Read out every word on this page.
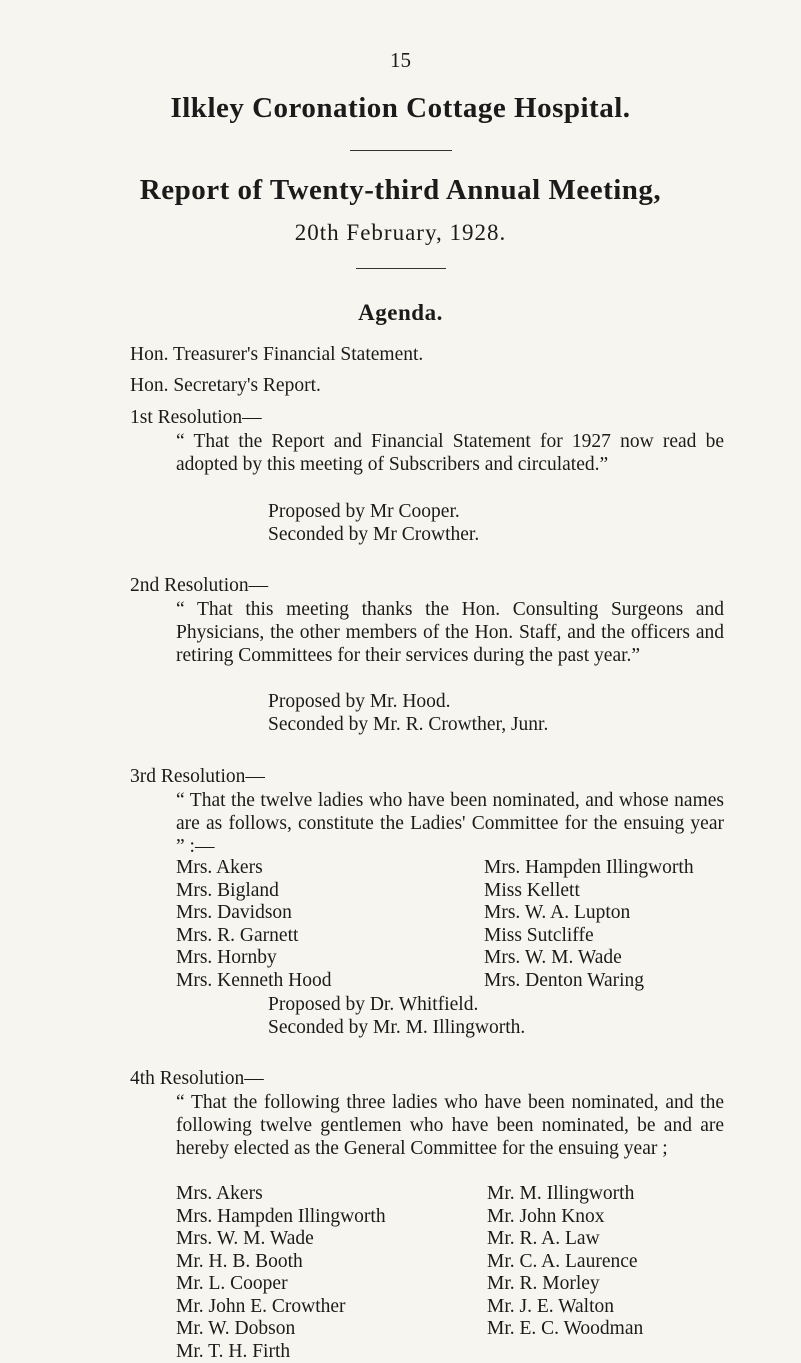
15
Ilkley Coronation Cottage Hospital.
Report of Twenty-third Annual Meeting,
20th February, 1928.
Agenda.
Hon. Treasurer's Financial Statement.
Hon. Secretary's Report.
1st Resolution—
“ That the Report and Financial Statement for 1927 now read be adopted by this meeting of Subscribers and circulated.”
Proposed by Mr Cooper.
Seconded by Mr Crowther.
2nd Resolution—
“ That this meeting thanks the Hon. Consulting Surgeons and Physicians, the other members of the Hon. Staff, and the officers and retiring Committees for their services during the past year.”
Proposed by Mr. Hood.
Seconded by Mr. R. Crowther, Junr.
3rd Resolution—
“ That the twelve ladies who have been nominated, and whose names are as follows, constitute the Ladies' Committee for the ensuing year ” :—
Mrs. Akers
Mrs. Bigland
Mrs. Davidson
Mrs. R. Garnett
Mrs. Hornby
Mrs. Kenneth Hood
Mrs. Hampden Illingworth
Miss Kellett
Mrs. W. A. Lupton
Miss Sutcliffe
Mrs. W. M. Wade
Mrs. Denton Waring
Proposed by Dr. Whitfield.
Seconded by Mr. M. Illingworth.
4th Resolution—
“ That the following three ladies who have been nominated, and the following twelve gentlemen who have been nominated, be and are hereby elected as the General Committee for the ensuing year ;
Mrs. Akers
Mrs. Hampden Illingworth
Mrs. W. M. Wade
Mr. H. B. Booth
Mr. L. Cooper
Mr. John E. Crowther
Mr. W. Dobson
Mr. T. H. Firth
Mr. M. Illingworth
Mr. John Knox
Mr. R. A. Law
Mr. C. A. Laurence
Mr. R. Morley
Mr. J. E. Walton
Mr. E. C. Woodman
